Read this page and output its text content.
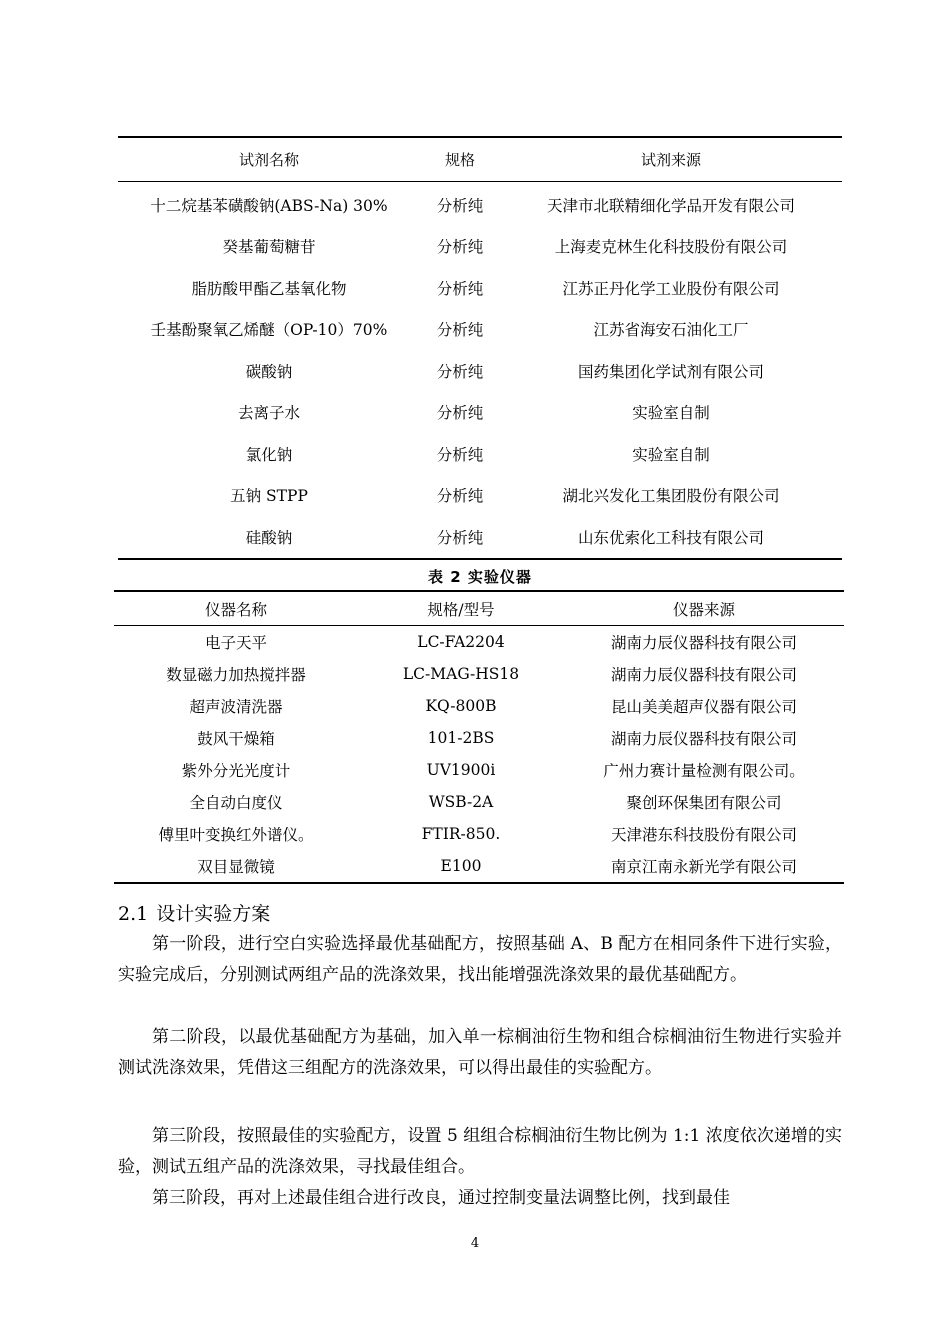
试剂名称	规格	试剂来源
十二烷基苯磺酸钠(ABS-Na) 30%	分析纯	天津市北联精细化学品开发有限公司
癸基葡萄糖苷	分析纯	上海麦克林生化科技股份有限公司
脂肪酸甲酯乙基氧化物	分析纯	江苏正丹化学工业股份有限公司
壬基酚聚氧乙烯醚（OP-10）70%	分析纯	江苏省海安石油化工厂
碳酸钠	分析纯	国药集团化学试剂有限公司
去离子水	分析纯	实验室自制
氯化钠	分析纯	实验室自制
五钠 STPP	分析纯	湖北兴发化工集团股份有限公司
硅酸钠	分析纯	山东优索化工科技有限公司
表 2 实验仪器
仪器名称	规格/型号	仪器来源
电子天平	LC-FA2204	湖南力辰仪器科技有限公司
数显磁力加热搅拌器	LC-MAG-HS18	湖南力辰仪器科技有限公司
超声波清洗器	KQ-800B	昆山美美超声仪器有限公司
鼓风干燥箱	101-2BS	湖南力辰仪器科技有限公司
紫外分光光度计	UV1900i	广州力赛计量检测有限公司。
全自动白度仪	WSB-2A	聚创环保集团有限公司
傅里叶变换红外谱仪。	FTIR-850.	天津港东科技股份有限公司
双目显微镜	E100	南京江南永新光学有限公司
2.1 设计实验方案

第一阶段，进行空白实验选择最优基础配方，按照基础 A、B 配方在相同条件下进行实验，实验完成后，分别测试两组产品的洗涤效果，找出能增强洗涤效果的最优基础配方。

第二阶段，以最优基础配方为基础，加入单一棕榈油衍生物和组合棕榈油衍生物进行实验并测试洗涤效果，凭借这三组配方的洗涤效果，可以得出最佳的实验配方。

第三阶段，按照最佳的实验配方，设置 5 组组合棕榈油衍生物比例为 1:1 浓度依次递增的实验，测试五组产品的洗涤效果，寻找最佳组合。

第三阶段，再对上述最佳组合进行改良，通过控制变量法调整比例，找到最佳

4
